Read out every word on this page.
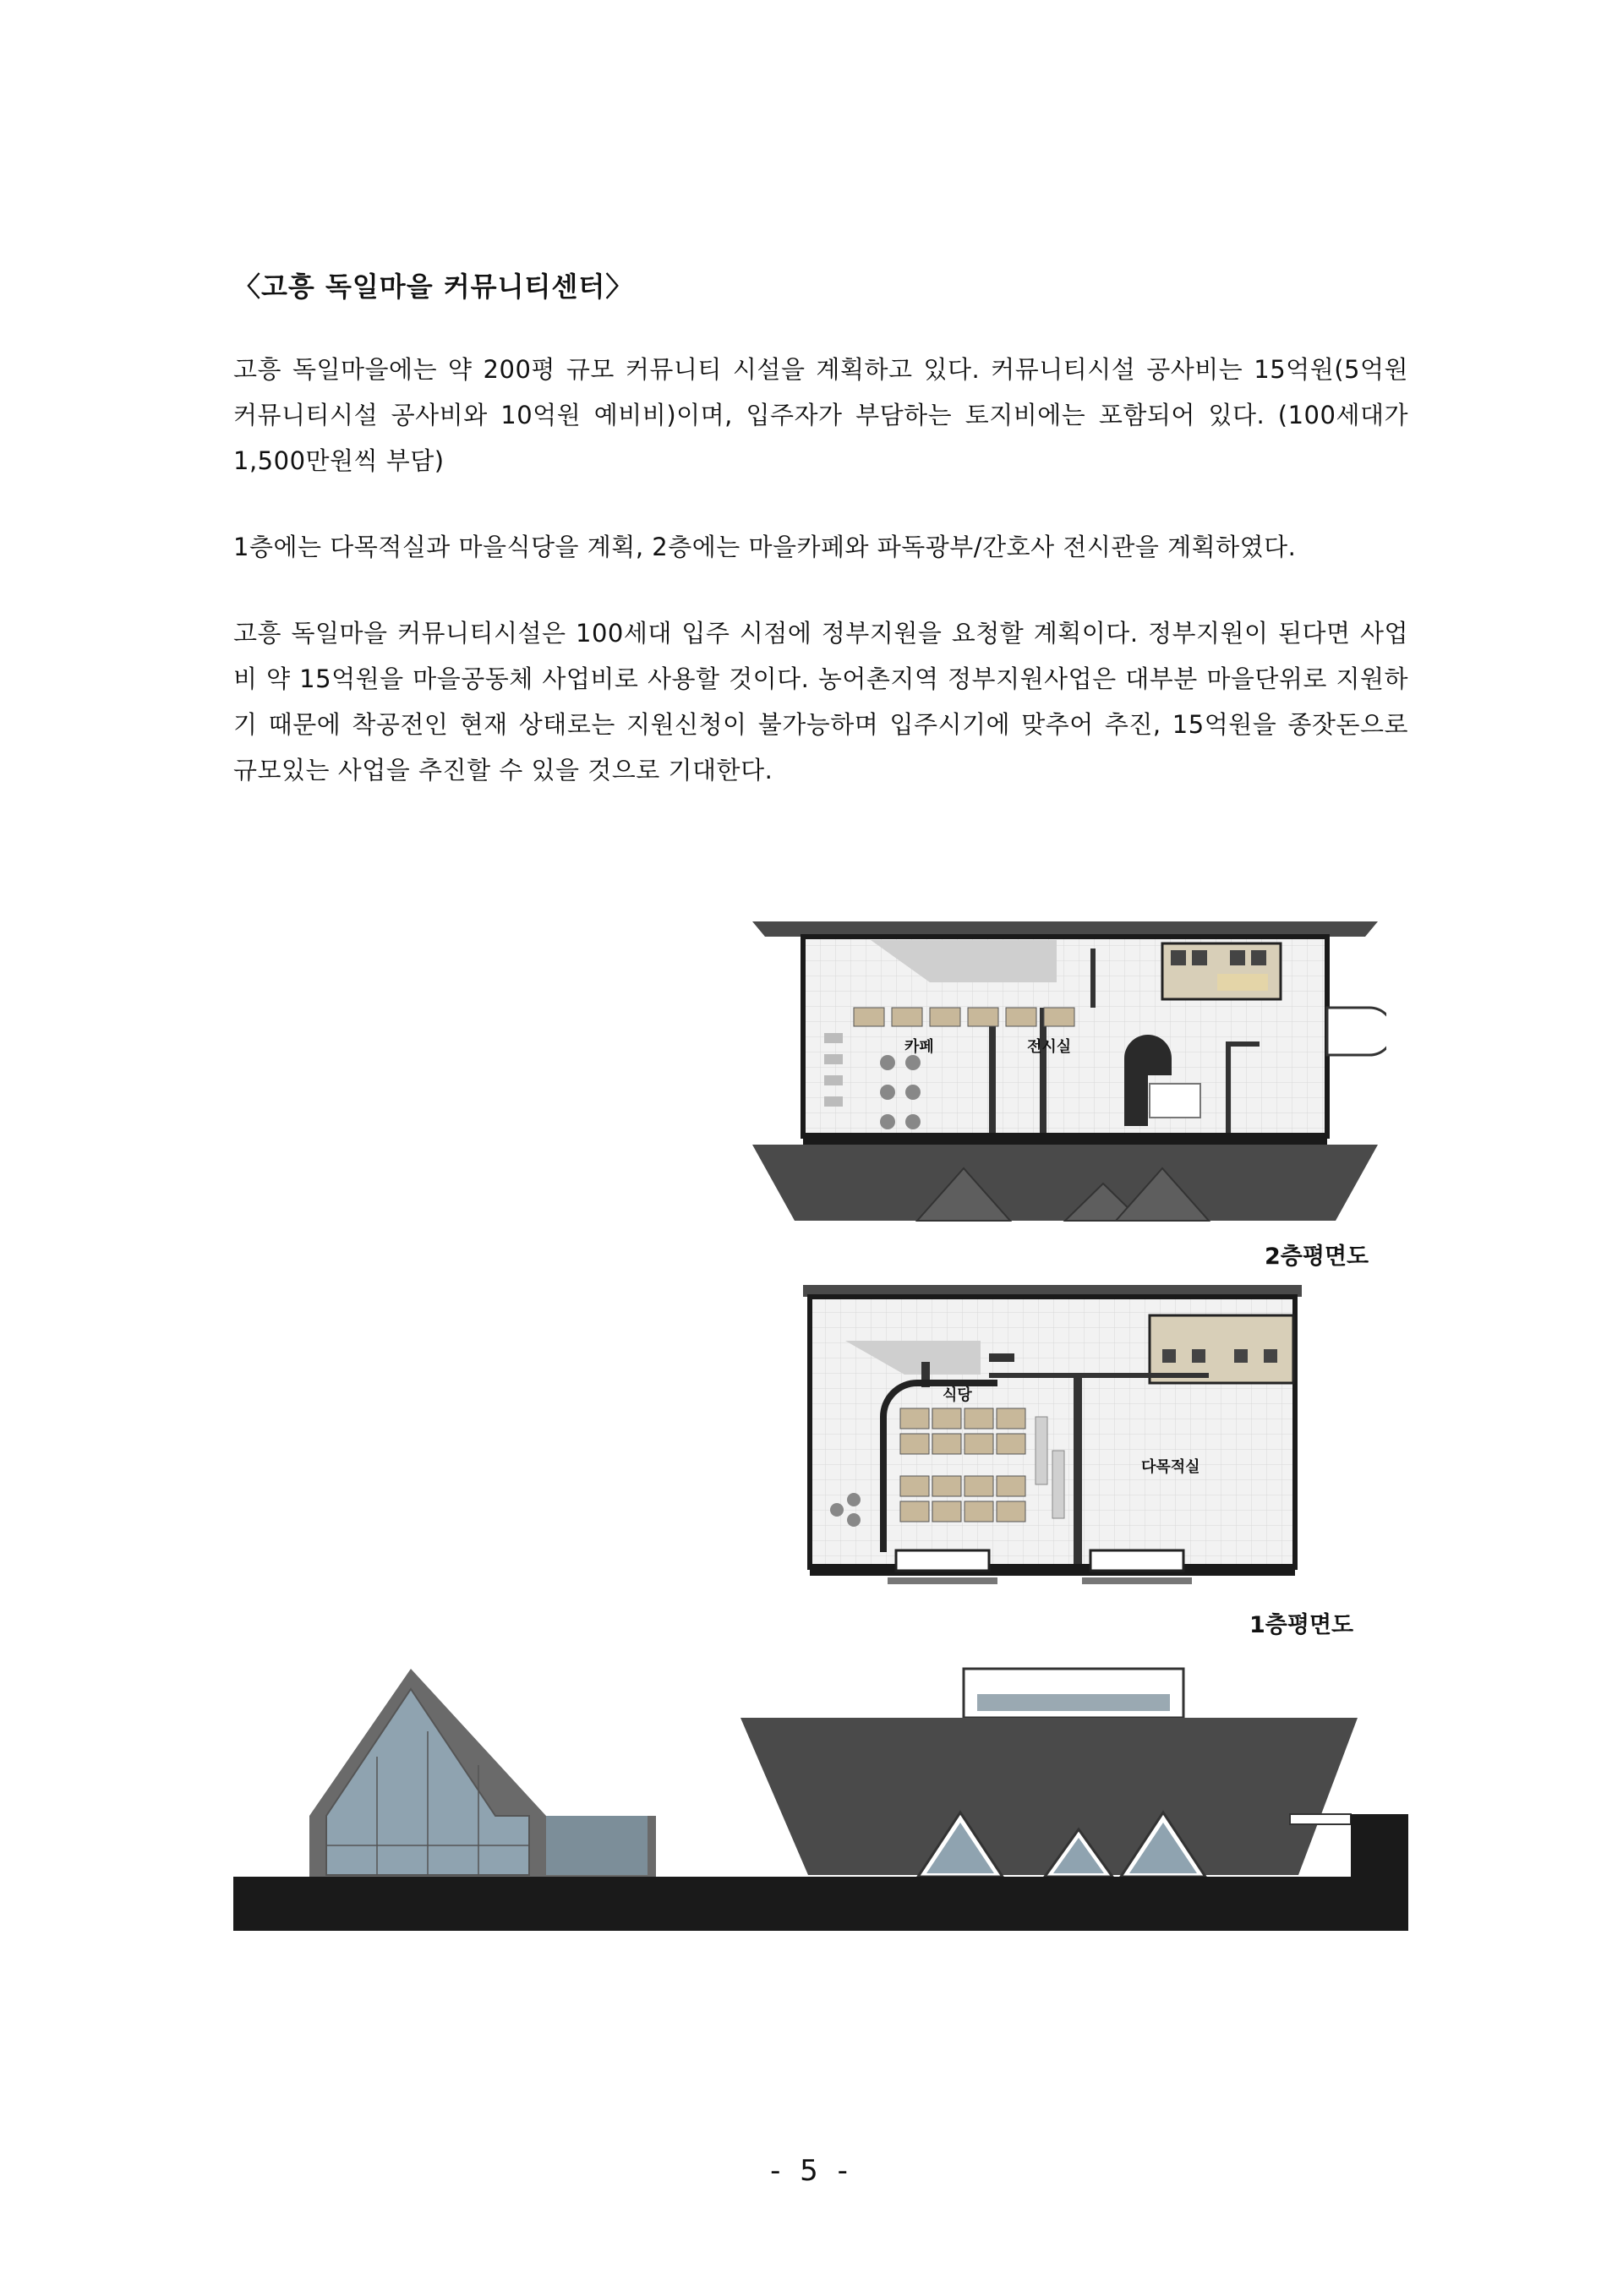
〈고흥 독일마을 커뮤니티센터〉

고흥 독일마을에는 약 200평 규모 커뮤니티 시설을 계획하고 있다. 커뮤니티시설 공사비는 15억원(5억원 커뮤니티시설 공사비와 10억원 예비비)이며, 입주자가 부담하는 토지비에는 포함되어 있다. (100세대가 1,500만원씩 부담)

1층에는 다목적실과 마을식당을 계획, 2층에는 마을카페와 파독광부/간호사 전시관을 계획하였다.

고흥 독일마을 커뮤니티시설은 100세대 입주 시점에 정부지원을 요청할 계획이다. 정부지원이 된다면 사업비 약 15억원을 마을공동체 사업비로 사용할 것이다. 농어촌지역 정부지원사업은 대부분 마을단위로 지원하기 때문에 착공전인 현재 상태로는 지원신청이 불가능하며 입주시기에 맞추어 추진, 15억원을 종잣돈으로 규모있는 사업을 추진할 수 있을 것으로 기대한다.

카페	전시실
2층평면도
식당
다목적실
1층평면도
- 5 -
